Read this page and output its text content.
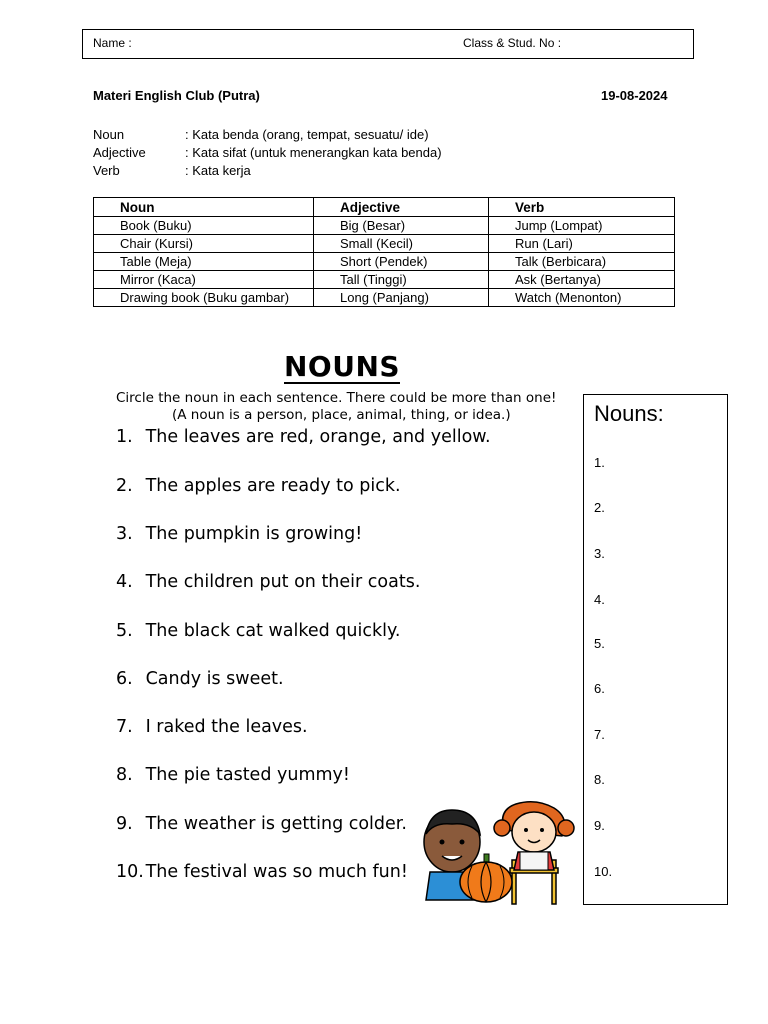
Name :	Class & Stud. No :
Materi English Club (Putra)	19-08-2024
Noun	: Kata benda (orang, tempat, sesuatu/ ide)
Adjective	: Kata sifat (untuk menerangkan kata benda)
Verb	: Kata kerja
Noun	Adjective	Verb
Book (Buku)	Big (Besar)	Jump (Lompat)
Chair (Kursi)	Small (Kecil)	Run (Lari)
Table (Meja)	Short (Pendek)	Talk (Berbicara)
Mirror (Kaca)	Tall (Tinggi)	Ask (Bertanya)
Drawing book (Buku gambar)	Long (Panjang)	Watch (Menonton)
NOUNS
Circle the noun in each sentence. There could be more than one!
(A noun is a person, place, animal, thing, or idea.)
1. The leaves are red, orange, and yellow.
2. The apples are ready to pick.
3. The pumpkin is growing!
4. The children put on their coats.
5. The black cat walked quickly.
6. Candy is sweet.
7. I raked the leaves.
8. The pie tasted yummy!
9. The weather is getting colder.
10. The festival was so much fun!
Nouns:
1.
2.
3.
4.
5.
6.
7.
8.
9.
10.
